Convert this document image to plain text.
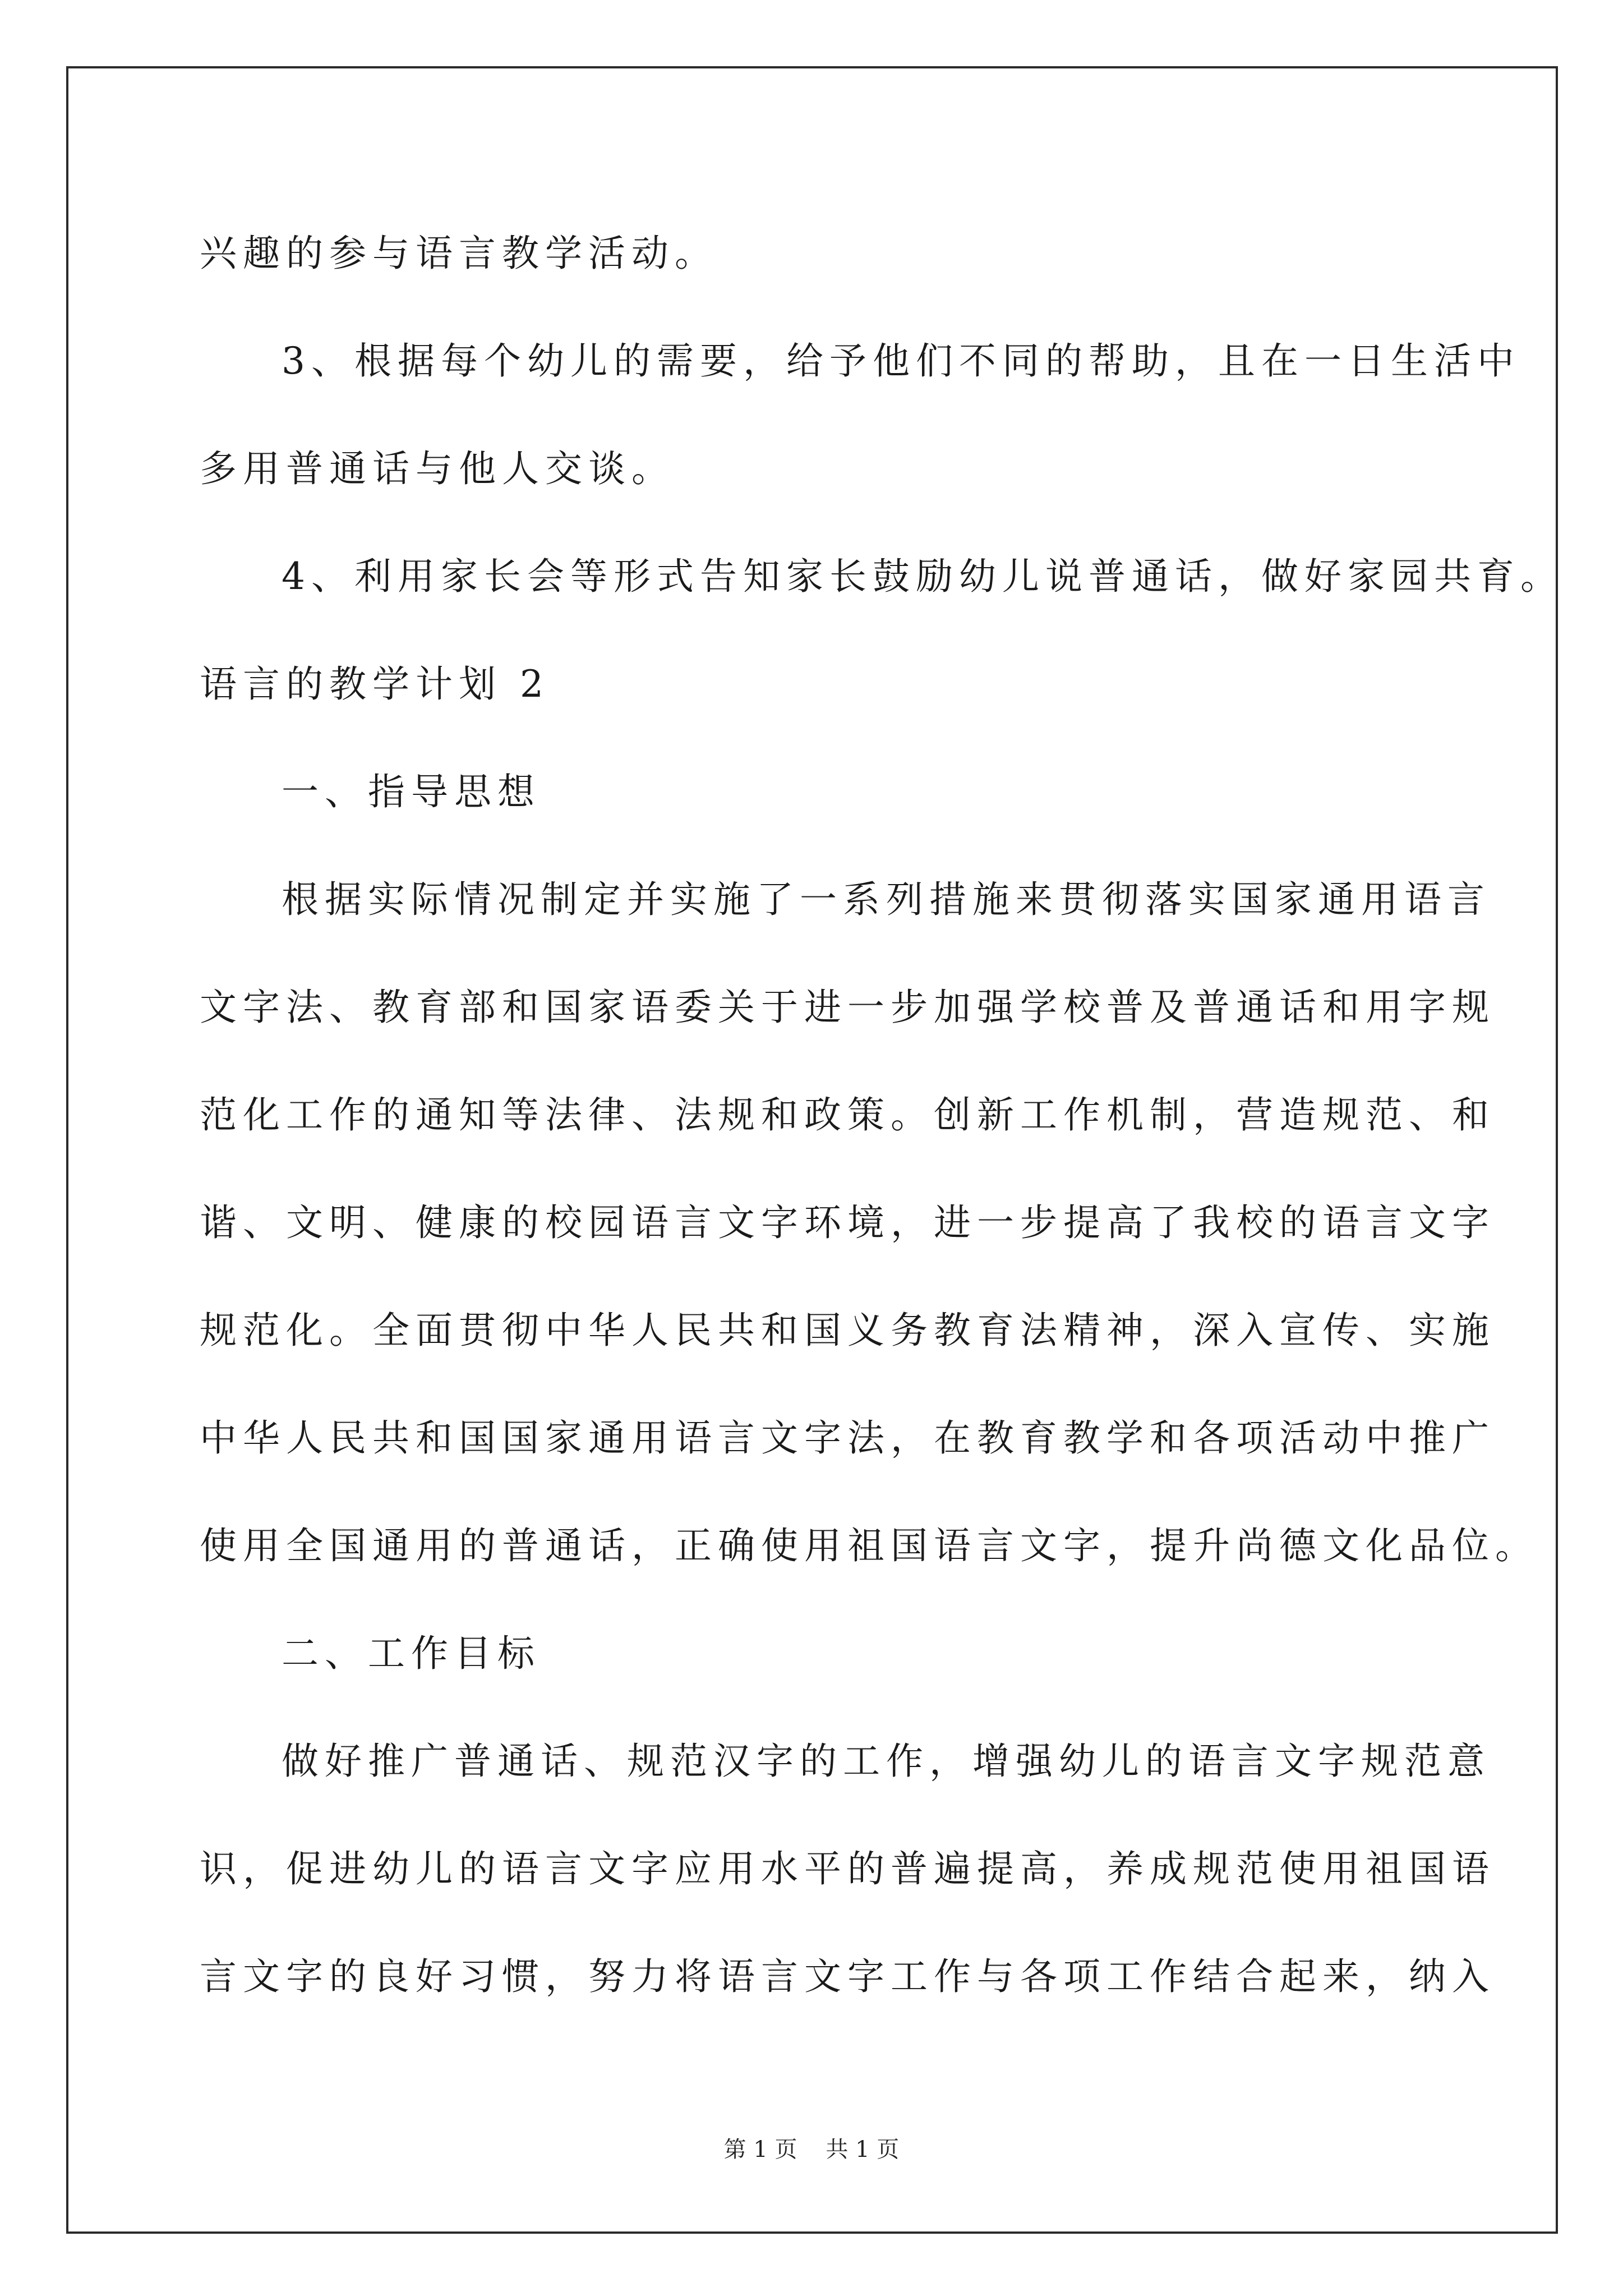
兴趣的参与语言教学活动。

3、根据每个幼儿的需要，给予他们不同的帮助，且在一日生活中

多用普通话与他人交谈。

4、利用家长会等形式告知家长鼓励幼儿说普通话，做好家园共育。

语言的教学计划 2

一、指导思想

根据实际情况制定并实施了一系列措施来贯彻落实国家通用语言

文字法、教育部和国家语委关于进一步加强学校普及普通话和用字规

范化工作的通知等法律、法规和政策。创新工作机制，营造规范、和

谐、文明、健康的校园语言文字环境，进一步提高了我校的语言文字

规范化。全面贯彻中华人民共和国义务教育法精神，深入宣传、实施

中华人民共和国国家通用语言文字法，在教育教学和各项活动中推广

使用全国通用的普通话，正确使用祖国语言文字，提升尚德文化品位。

二、工作目标

做好推广普通话、规范汉字的工作，增强幼儿的语言文字规范意

识，促进幼儿的语言文字应用水平的普遍提高，养成规范使用祖国语

言文字的良好习惯，努力将语言文字工作与各项工作结合起来，纳入

第 1 页 共 1 页
